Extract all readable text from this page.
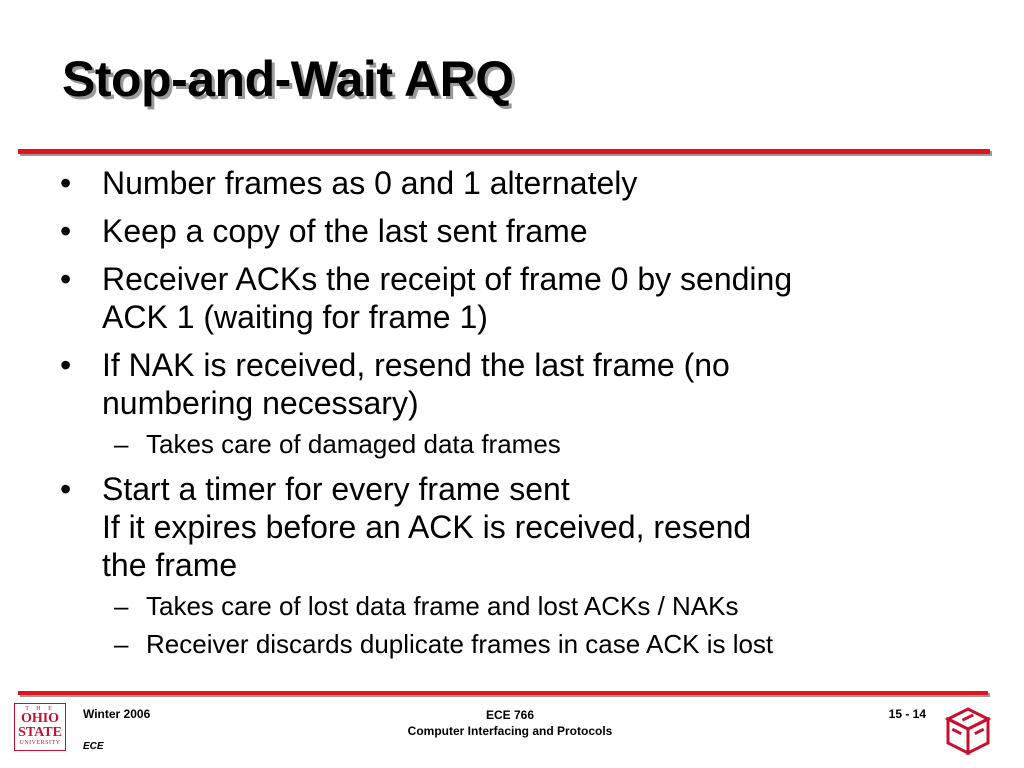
Stop-and-Wait ARQ
• Number frames as 0 and 1 alternately
• Keep a copy of the last sent frame
• Receiver ACKs the receipt of frame 0 by sending
ACK 1 (waiting for frame 1)
• If NAK is received, resend the last frame (no
numbering necessary)
– Takes care of damaged data frames
• Start a timer for every frame sent
If it expires before an ACK is received, resend
the frame
– Takes care of lost data frame and lost ACKs / NAKs
– Receiver discards duplicate frames in case ACK is lost
T H E
OHIO
STATE
UNIVERSITY
Winter 2006
ECE
ECE 766
Computer Interfacing and Protocols
15 - 14
